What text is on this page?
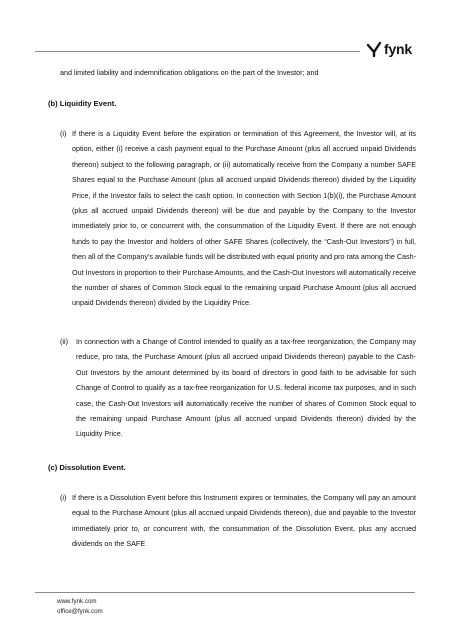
fynk
and limited liability and indemnification obligations on the part of the Investor; and
(b) Liquidity Event.
(i) If there is a Liquidity Event before the expiration or termination of this Agreement, the Investor will, at its option, either (i) receive a cash payment equal to the Purchase Amount (plus all accrued unpaid Dividends thereon) subject to the following paragraph, or (ii) automatically receive from the Company a number SAFE Shares equal to the Purchase Amount (plus all accrued unpaid Dividends thereon) divided by the Liquidity Price, if the Investor fails to select the cash option. In connection with Section 1(b)(i), the Purchase Amount (plus all accrued unpaid Dividends thereon) will be due and payable by the Company to the Investor immediately prior to, or concurrent with, the consummation of the Liquidity Event. If there are not enough funds to pay the Investor and holders of other SAFE Shares (collectively, the “Cash-Out Investors”) in full, then all of the Company’s available funds will be distributed with equal priority and pro rata among the Cash-Out Investors in proportion to their Purchase Amounts, and the Cash-Out Investors will automatically receive the number of shares of Common Stock equal to the remaining unpaid Purchase Amount (plus all accrued unpaid Dividends thereon) divided by the Liquidity Price.
(ii) In connection with a Change of Control intended to qualify as a tax-free reorganization, the Company may reduce, pro rata, the Purchase Amount (plus all accrued unpaid Dividends thereon) payable to the Cash-Out Investors by the amount determined by its board of directors in good faith to be advisable for such Change of Control to qualify as a tax-free reorganization for U.S. federal income tax purposes, and in such case, the Cash-Out Investors will automatically receive the number of shares of Common Stock equal to the remaining unpaid Purchase Amount (plus all accrued unpaid Dividends thereon) divided by the Liquidity Price.
(c) Dissolution Event.
(i) If there is a Dissolution Event before this Instrument expires or terminates, the Company will pay an amount equal to the Purchase Amount (plus all accrued unpaid Dividends thereon), due and payable to the Investor immediately prior to, or concurrent with, the consummation of the Dissolution Event, plus any accrued dividends on the SAFE
www.fynk.com
office@fynk.com
